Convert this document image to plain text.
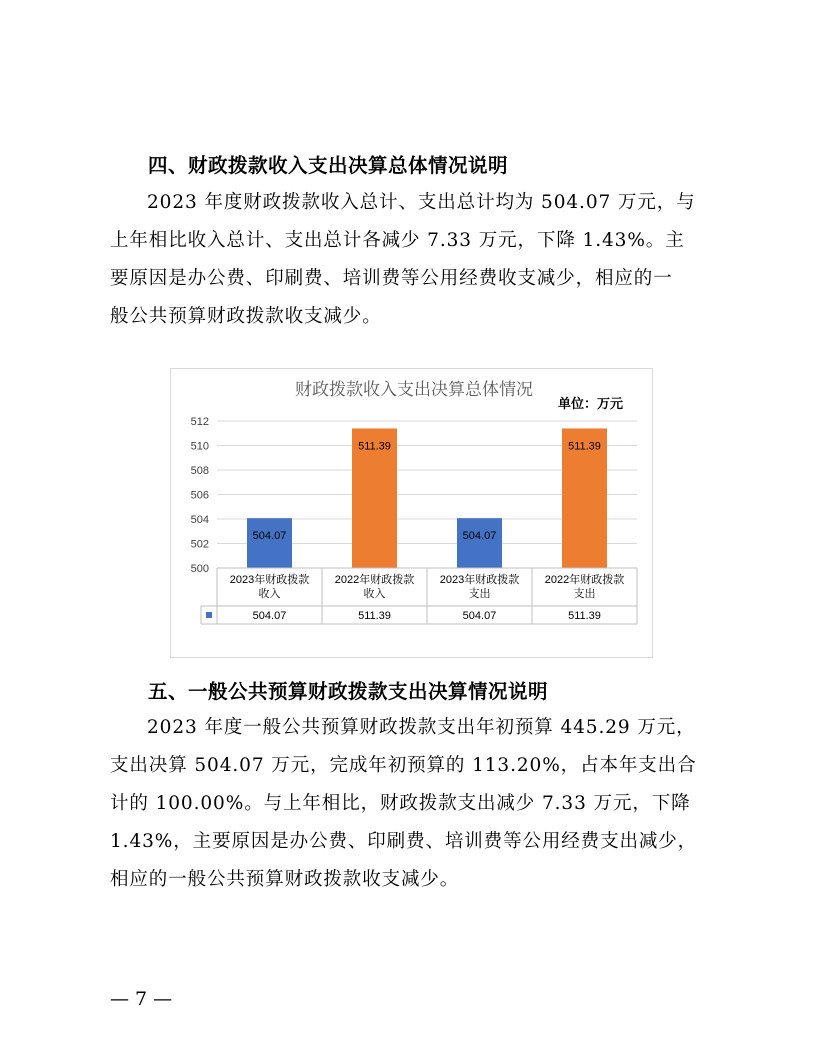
四、财政拨款收入支出决算总体情况说明
2023 年度财政拨款收入总计、支出总计均为 504.07 万元，与
上年相比收入总计、支出总计各减少 7.33 万元，下降 1.43%。主
要原因是办公费、印刷费、培训费等公用经费收支减少，相应的一
般公共预算财政拨款收支减少。
财政拨款收入支出决算总体情况
单位：万元
500
502
504
506
508
510
512
504.07
511.39
504.07
511.39
2023年财政拨款
收入
504.07
2022年财政拨款
收入
511.39
2023年财政拨款
支出
504.07
2022年财政拨款
支出
511.39
五、一般公共预算财政拨款支出决算情况说明
2023 年度一般公共预算财政拨款支出年初预算 445.29 万元，
支出决算 504.07 万元，完成年初预算的 113.20%，占本年支出合
计的 100.00%。与上年相比，财政拨款支出减少 7.33 万元，下降
1.43%，主要原因是办公费、印刷费、培训费等公用经费支出减少，
相应的一般公共预算财政拨款收支减少。
— 7 —
